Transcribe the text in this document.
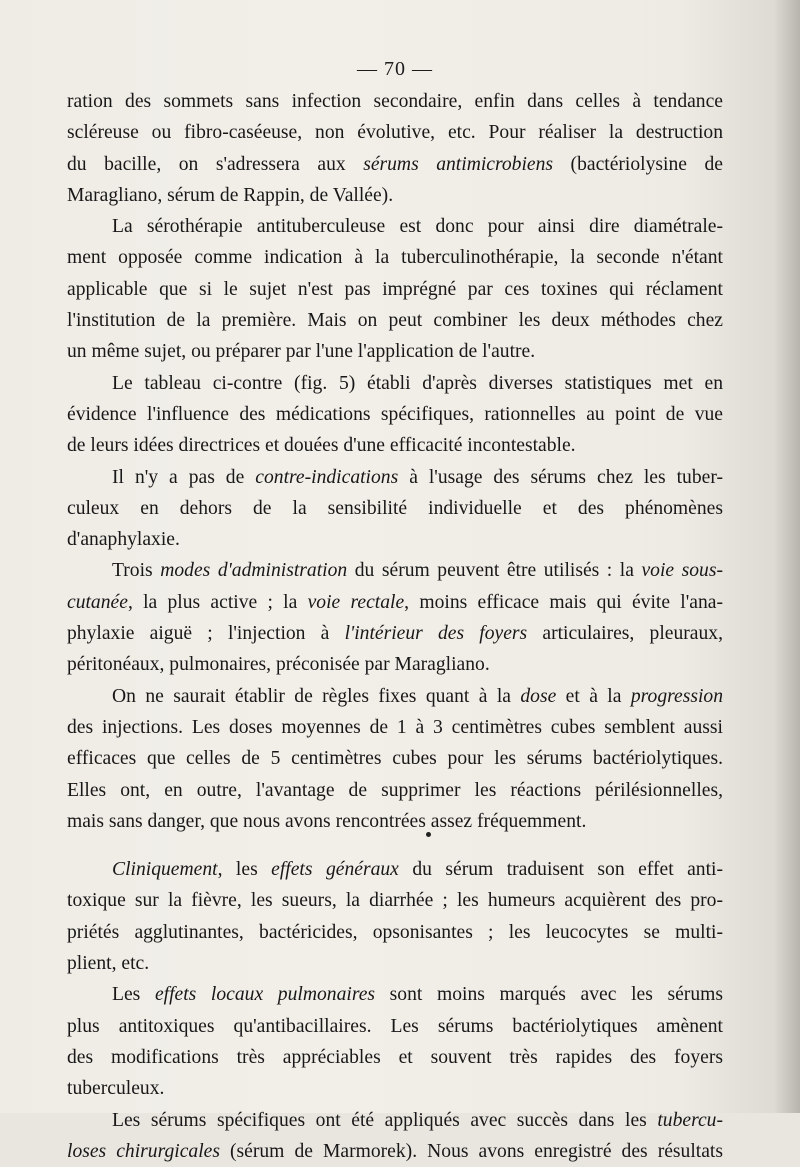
— 70 —
ration des sommets sans infection secondaire, enfin dans celles à tendance
scléreuse ou fibro-caséeuse, non évolutive, etc. Pour réaliser la destruction
du bacille, on s'adressera aux sérums antimicrobiens (bactériolysine de
Maragliano, sérum de Rappin, de Vallée).
La sérothérapie antituberculeuse est donc pour ainsi dire diamétrale-
ment opposée comme indication à la tuberculinothérapie, la seconde n'étant
applicable que si le sujet n'est pas imprégné par ces toxines qui réclament
l'institution de la première. Mais on peut combiner les deux méthodes chez
un même sujet, ou préparer par l'une l'application de l'autre.
Le tableau ci-contre (fig. 5) établi d'après diverses statistiques met en
évidence l'influence des médications spécifiques, rationnelles au point de vue
de leurs idées directrices et douées d'une efficacité incontestable.
Il n'y a pas de contre-indications à l'usage des sérums chez les tuber-
culeux en dehors de la sensibilité individuelle et des phénomènes
d'anaphylaxie.
Trois modes d'administration du sérum peuvent être utilisés : la voie sous-
cutanée, la plus active ; la voie rectale, moins efficace mais qui évite l'ana-
phylaxie aiguë ; l'injection à l'intérieur des foyers articulaires, pleuraux,
péritonéaux, pulmonaires, préconisée par Maragliano.
On ne saurait établir de règles fixes quant à la dose et à la progression
des injections. Les doses moyennes de 1 à 3 centimètres cubes semblent aussi
efficaces que celles de 5 centimètres cubes pour les sérums bactériolytiques.
Elles ont, en outre, l'avantage de supprimer les réactions périlésionnelles,
mais sans danger, que nous avons rencontrées assez fréquemment.
Cliniquement, les effets généraux du sérum traduisent son effet anti-
toxique sur la fièvre, les sueurs, la diarrhée ; les humeurs acquièrent des pro-
priétés agglutinantes, bactéricides, opsonisantes ; les leucocytes se multi-
plient, etc.
Les effets locaux pulmonaires sont moins marqués avec les sérums
plus antitoxiques qu'antibacillaires. Les sérums bactériolytiques amènent
des modifications très appréciables et souvent très rapides des foyers
tuberculeux.
Les sérums spécifiques ont été appliqués avec succès dans les tubercu-
loses chirurgicales (sérum de Marmorek). Nous avons enregistré des résultats
